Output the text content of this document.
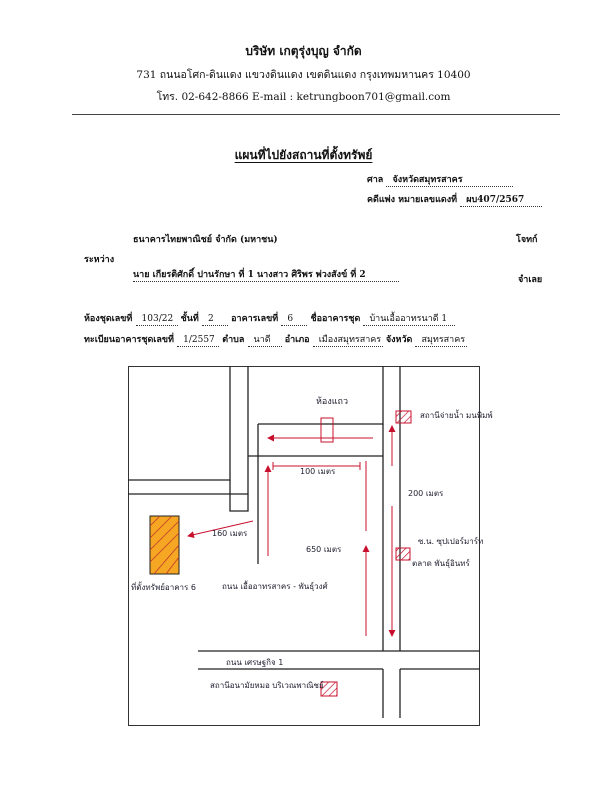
บริษัท เกตุรุ่งบุญ จำกัด
731 ถนนอโศก-ดินแดง แขวงดินแดง เขตดินแดง กรุงเทพมหานคร 10400
โทร. 02-642-8866 E-mail : ketrungboon701@gmail.com
แผนที่ไปยังสถานที่ตั้งทรัพย์
ศาล จังหวัดสมุทรสาคร
คดีแพ่ง หมายเลขแดงที่ ผบ407/2567
ธนาคารไทยพาณิชย์ จำกัด (มหาชน)	โจทก์
ระหว่าง
นาย เกียรติศักดิ์ ปานรักษา ที่ 1 นางสาว ศิริพร พ่วงสังข์ ที่ 2	จำเลย
ห้องชุดเลขที่ 103/22 ชั้นที่ 2 อาคารเลขที่ 6 ชื่ออาคารชุด บ้านเอื้ออาทรนาดี 1
ทะเบียนอาคารชุดเลขที่ 1/2557 ตำบล นาดี อำเภอ เมืองสมุทรสาคร จังหวัด สมุทรสาคร
ห้องแถว
สถานีจ่ายน้ำ มนพิมพ์
100 เมตร
200 เมตร
160 เมตร
650 เมตร
ซ.น. ซุปเปอร์มาร์ท
ตลาด พันธุ์อินทร์
ถนน เอื้ออาทรสาคร - พันธุ์วงศ์
ที่ตั้งทรัพย์อาคาร 6
ถนน เศรษฐกิจ 1
สถานีอนามัยหมอ บริเวณพาณิชย์
